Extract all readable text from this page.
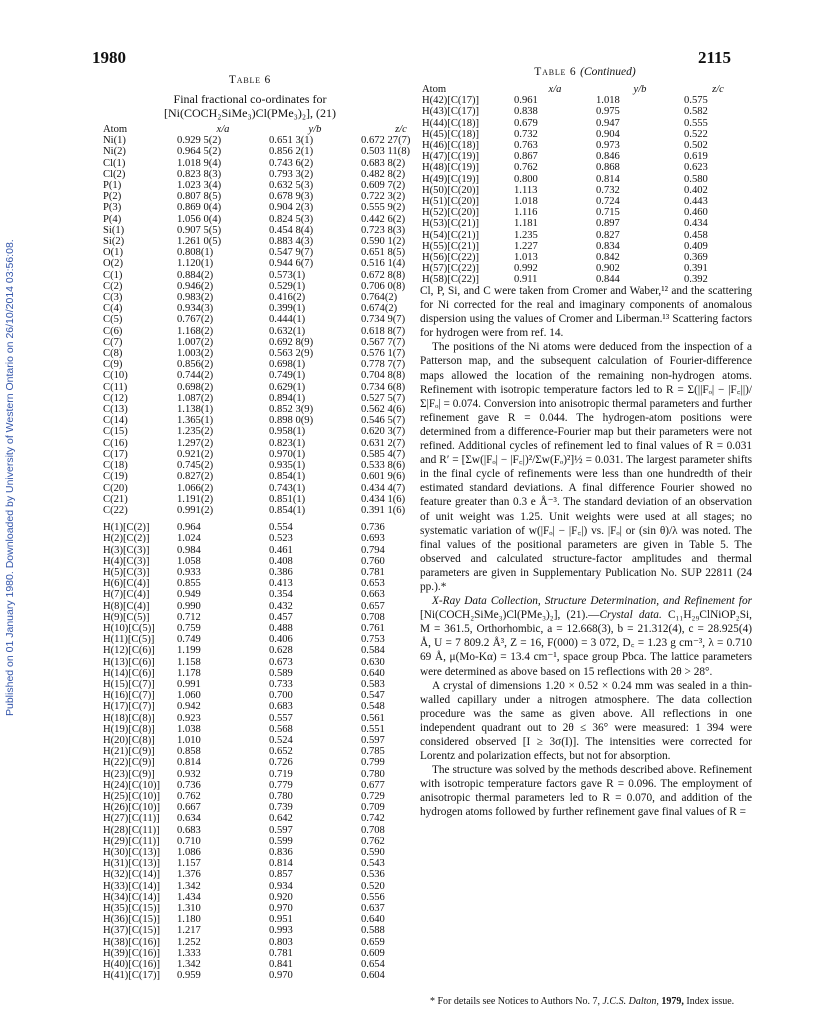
1980	2115
Published on 01 January 1980. Downloaded by University of Western Ontario on 26/10/2014 03:56:08.
Table 6
Final fractional co-ordinates for
[Ni(COCH₂SiMe₃)Cl(PMe₃)₂], (21)
Atom	x/a	y/b	z/c
Ni(1)	0.929 5(2)	0.651 3(1)	0.672 27(7)
Ni(2)	0.964 5(2)	0.856 2(1)	0.503 11(8)
Cl(1)	1.018 9(4)	0.743 6(2)	0.683 8(2)
Cl(2)	0.823 8(3)	0.793 3(2)	0.482 8(2)
P(1)	1.023 3(4)	0.632 5(3)	0.609 7(2)
P(2)	0.807 8(5)	0.678 9(3)	0.722 3(2)
P(3)	0.869 0(4)	0.904 2(3)	0.555 9(2)
P(4)	1.056 0(4)	0.824 5(3)	0.442 6(2)
Si(1)	0.907 5(5)	0.454 8(4)	0.723 8(3)
Si(2)	1.261 0(5)	0.883 4(3)	0.590 1(2)
O(1)	0.808(1)	0.547 9(7)	0.651 8(5)
O(2)	1.120(1)	0.944 6(7)	0.516 1(4)
C(1)	0.884(2)	0.573(1)	0.672 8(8)
C(2)	0.946(2)	0.529(1)	0.706 0(8)
C(3)	0.983(2)	0.416(2)	0.764(2)
C(4)	0.934(3)	0.399(1)	0.674(2)
C(5)	0.767(2)	0.444(1)	0.734 9(7)
C(6)	1.168(2)	0.632(1)	0.618 8(7)
C(7)	1.007(2)	0.692 8(9)	0.567 7(7)
C(8)	1.003(2)	0.563 2(9)	0.576 1(7)
C(9)	0.856(2)	0.698(1)	0.778 7(7)
C(10)	0.744(2)	0.749(1)	0.704 8(8)
C(11)	0.698(2)	0.629(1)	0.734 6(8)
C(12)	1.087(2)	0.894(1)	0.527 5(7)
C(13)	1.138(1)	0.852 3(9)	0.562 4(6)
C(14)	1.365(1)	0.898 0(9)	0.546 5(7)
C(15)	1.235(2)	0.958(1)	0.620 3(7)
C(16)	1.297(2)	0.823(1)	0.631 2(7)
C(17)	0.921(2)	0.970(1)	0.585 4(7)
C(18)	0.745(2)	0.935(1)	0.533 8(6)
C(19)	0.827(2)	0.854(1)	0.601 9(6)
C(20)	1.066(2)	0.743(1)	0.434 4(7)
C(21)	1.191(2)	0.851(1)	0.434 1(6)
C(22)	0.991(2)	0.854(1)	0.391 1(6)
H(1)[C(2)]	0.964	0.554	0.736
H(2)[C(2)]	1.024	0.523	0.693
H(3)[C(3)]	0.984	0.461	0.794
H(4)[C(3)]	1.058	0.408	0.760
H(5)[C(3)]	0.933	0.386	0.781
H(6)[C(4)]	0.855	0.413	0.653
H(7)[C(4)]	0.949	0.354	0.663
H(8)[C(4)]	0.990	0.432	0.657
H(9)[C(5)]	0.712	0.457	0.708
H(10)[C(5)]	0.759	0.488	0.761
H(11)[C(5)]	0.749	0.406	0.753
H(12)[C(6)]	1.199	0.628	0.584
H(13)[C(6)]	1.158	0.673	0.630
H(14)[C(6)]	1.178	0.589	0.640
H(15)[C(7)]	0.991	0.733	0.583
H(16)[C(7)]	1.060	0.700	0.547
H(17)[C(7)]	0.942	0.683	0.548
H(18)[C(8)]	0.923	0.557	0.561
H(19)[C(8)]	1.038	0.568	0.551
H(20)[C(8)]	1.010	0.524	0.597
H(21)[C(9)]	0.858	0.652	0.785
H(22)[C(9)]	0.814	0.726	0.799
H(23)[C(9)]	0.932	0.719	0.780
H(24)[C(10)]	0.736	0.779	0.677
H(25)[C(10)]	0.762	0.780	0.729
H(26)[C(10)]	0.667	0.739	0.709
H(27)[C(11)]	0.634	0.642	0.742
H(28)[C(11)]	0.683	0.597	0.708
H(29)[C(11)]	0.710	0.599	0.762
H(30)[C(13)]	1.086	0.836	0.590
H(31)[C(13)]	1.157	0.814	0.543
H(32)[C(14)]	1.376	0.857	0.536
H(33)[C(14)]	1.342	0.934	0.520
H(34)[C(14)]	1.434	0.920	0.556
H(35)[C(15)]	1.310	0.970	0.637
H(36)[C(15)]	1.180	0.951	0.640
H(37)[C(15)]	1.217	0.993	0.588
H(38)[C(16)]	1.252	0.803	0.659
H(39)[C(16)]	1.333	0.781	0.609
H(40)[C(16)]	1.342	0.841	0.654
H(41)[C(17)]	0.959	0.970	0.604
Table 6 (Continued)
Atom	x/a	y/b	z/c
H(42)[C(17)]	0.961	1.018	0.575
H(43)[C(17)]	0.838	0.975	0.582
H(44)[C(18)]	0.679	0.947	0.555
H(45)[C(18)]	0.732	0.904	0.522
H(46)[C(18)]	0.763	0.973	0.502
H(47)[C(19)]	0.867	0.846	0.619
H(48)[C(19)]	0.762	0.868	0.623
H(49)[C(19)]	0.800	0.814	0.580
H(50)[C(20)]	1.113	0.732	0.402
H(51)[C(20)]	1.018	0.724	0.443
H(52)[C(20)]	1.116	0.715	0.460
H(53)[C(21)]	1.181	0.897	0.434
H(54)[C(21)]	1.235	0.827	0.458
H(55)[C(21)]	1.227	0.834	0.409
H(56)[C(22)]	1.013	0.842	0.369
H(57)[C(22)]	0.992	0.902	0.391
H(58)[C(22)]	0.911	0.844	0.392

Cl, P, Si, and C were taken from Cromer and Waber,¹² and the scattering for Ni corrected for the real and imaginary components of anomalous dispersion using the values of Cromer and Liberman.¹³ Scattering factors for hydrogen were from ref. 14.

The positions of the Ni atoms were deduced from the inspection of a Patterson map, and the subsequent calculation of Fourier-difference maps allowed the location of the remaining non-hydrogen atoms. Refinement with isotropic temperature factors led to R = Σ(||Fₒ| − |F꜀||)/Σ|Fₒ| = 0.074. Conversion into anisotropic thermal parameters and further refinement gave R = 0.044. The hydrogen-atom positions were determined from a difference-Fourier map but their parameters were not refined. Additional cycles of refinement led to final values of R = 0.031 and R′ = [Σw(|Fₒ| − |F꜀|)²/Σw(Fₒ)²]½ = 0.031. The largest parameter shifts in the final cycle of refinements were less than one hundredth of their estimated standard deviations. A final difference Fourier showed no feature greater than 0.3 e Å⁻³. The standard deviation of an observation of unit weight was 1.25. Unit weights were used at all stages; no systematic variation of w(|Fₒ| − |F꜀|) vs. |Fₒ| or (sin θ)/λ was noted. The final values of the positional parameters are given in Table 5. The observed and calculated structure-factor amplitudes and thermal parameters are given in Supplementary Publication No. SUP 22811 (24 pp.).*

X-Ray Data Collection, Structure Determination, and Refinement for [Ni(COCH₂SiMe₃)Cl(PMe₃)₂], (21).—Crystal data. C₁₁H₂₉ClNiOP₂Si, M = 361.5, Orthorhombic, a = 12.668(3), b = 21.312(4), c = 28.925(4) Å, U = 7 809.2 Å³, Z = 16, F(000) = 3 072, D꜀ = 1.23 g cm⁻³, λ = 0.710 69 Å, μ(Mo-Kα) = 13.4 cm⁻¹, space group Pbca. The lattice parameters were determined as above based on 15 reflections with 2θ > 28°.

A crystal of dimensions 1.20 × 0.52 × 0.24 mm was sealed in a thin-walled capillary under a nitrogen atmosphere. The data collection procedure was the same as given above. All reflections in one independent quadrant out to 2θ ≤ 36° were measured: 1 394 were considered observed [I ≥ 3σ(I)]. The intensities were corrected for Lorentz and polarization effects, but not for absorption.

The structure was solved by the methods described above. Refinement with isotropic temperature factors gave R = 0.096. The employment of anisotropic thermal parameters led to R = 0.070, and addition of the hydrogen atoms followed by further refinement gave final values of R =

* For details see Notices to Authors No. 7, J.C.S. Dalton, 1979, Index issue.
